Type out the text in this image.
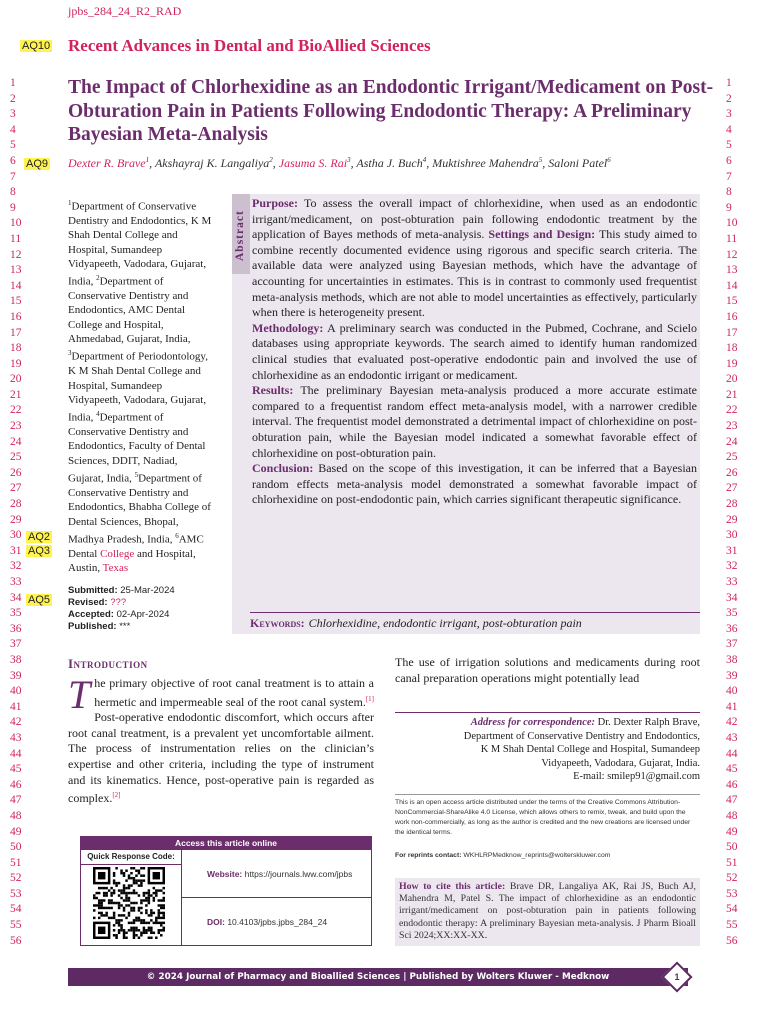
1
2
3
4
5
6
7
8
9
10
11
12
13
14
15
16
17
18
19
20
21
22
23
24
25
26
27
28
29
30
31
32
33
34
35
36
37
38
39
40
41
42
43
44
45
46
47
48
49
50
51
52
53
54
55
56
1
2
3
4
5
6
7
8
9
10
11
12
13
14
15
16
17
18
19
20
21
22
23
24
25
26
27
28
29
30
31
32
33
34
35
36
37
38
39
40
41
42
43
44
45
46
47
48
49
50
51
52
53
54
55
56
jpbs_284_24_R2_RAD
AQ10 Recent Advances in Dental and BioAllied Sciences
The Impact of Chlorhexidine as an Endodontic Irrigant/Medicament on Post-Obturation Pain in Patients Following Endodontic Therapy: A Preliminary Bayesian Meta-Analysis
AQ9 Dexter R. Brave$^1$, Akshayraj K. Langaliya$^2$, Jasuma S. Rai$^3$, Astha J. Buch$^4$, Muktishree Mahendra$^5$, Saloni Patel$^6$
$^1$Department of Conservative Dentistry and Endodontics, K M Shah Dental College and Hospital, Sumandeep Vidyapeeth, Vadodara, Gujarat, India, $^2$Department of Conservative Dentistry and Endodontics, AMC Dental College and Hospital, Ahmedabad, Gujarat, India, $^3$Department of Periodontology, K M Shah Dental College and Hospital, Sumandeep Vidyapeeth, Vadodara, Gujarat, India, $^4$Department of Conservative Dentistry and Endodontics, Faculty of Dental Sciences, DDIT, Nadiad, Gujarat, India, $^5$Department of Conservative Dentistry and Endodontics, Bhabha College of Dental Sciences, Bhopal, Madhya Pradesh, India, $^6$AMC Dental College and Hospital, Austin, Texas
AQ2
AQ3
AQ5
Submitted: 25-Mar-2024
Revised: ???
Accepted: 02-Apr-2024
Published: ***
Abstract
Purpose: To assess the overall impact of chlorhexidine, when used as an endodontic irrigant/medicament, on post-obturation pain following endodontic treatment by the application of Bayes methods of meta-analysis. Settings and Design: This study aimed to combine recently documented evidence using rigorous and specific search criteria. The available data were analyzed using Bayesian methods, which have the advantage of accounting for uncertainties in estimates. This is in contrast to commonly used frequentist meta-analysis methods, which are not able to model uncertainties as effectively, particularly when there is heterogeneity present.
Methodology: A preliminary search was conducted in the Pubmed, Cochrane, and Scielo databases using appropriate keywords. The search aimed to identify human randomized clinical studies that evaluated post-operative endodontic pain and involved the use of chlorhexidine as an endodontic irrigant or medicament.
Results: The preliminary Bayesian meta-analysis produced a more accurate estimate compared to a frequentist random effect meta-analysis model, with a narrower credible interval. The frequentist model demonstrated a detrimental impact of chlorhexidine on post-obturation pain, while the Bayesian model indicated a somewhat favorable effect of chlorhexidine on post-obturation pain.
Conclusion: Based on the scope of this investigation, it can be inferred that a Bayesian random effects meta-analysis model demonstrated a somewhat favorable impact of chlorhexidine on post-endodontic pain, which carries significant therapeutic significance.
Keywords: Chlorhexidine, endodontic irrigant, post-obturation pain
Introduction
The primary objective of root canal treatment is to attain a hermetic and impermeable seal of the root canal system.[1] Post-operative endodontic discomfort, which occurs after root canal treatment, is a prevalent yet uncomfortable ailment. The process of instrumentation relies on the clinician’s expertise and other criteria, including the type of instrument and its kinematics. Hence, post-operative pain is regarded as complex.[2]
The use of irrigation solutions and medicaments during root canal preparation operations might potentially lead
Address for correspondence: Dr. Dexter Ralph Brave,
Department of Conservative Dentistry and Endodontics,
K M Shah Dental College and Hospital, Sumandeep
Vidyapeeth, Vadodara, Gujarat, India.
E-mail: smilep91@gmail.com
This is an open access article distributed under the terms of the Creative Commons Attribution-NonCommercial-ShareAlike 4.0 License, which allows others to remix, tweak, and build upon the work non-commercially, as long as the author is credited and the new creations are licensed under the identical terms.
For reprints contact: WKHLRPMedknow_reprints@wolterskluwer.com
How to cite this article: Brave DR, Langaliya AK, Rai JS, Buch AJ, Mahendra M, Patel S. The impact of chlorhexidine as an endodontic irrigant/medicament on post-obturation pain in patients following endodontic therapy: A preliminary Bayesian meta-analysis. J Pharm Bioall Sci 2024;XX:XX-XX.
Access this article online
Quick Response Code:
Website: https://journals.lww.com/jpbs
DOI: 10.4103/jpbs.jpbs_284_24
© 2024 Journal of Pharmacy and Bioallied Sciences | Published by Wolters Kluwer - Medknow	1
